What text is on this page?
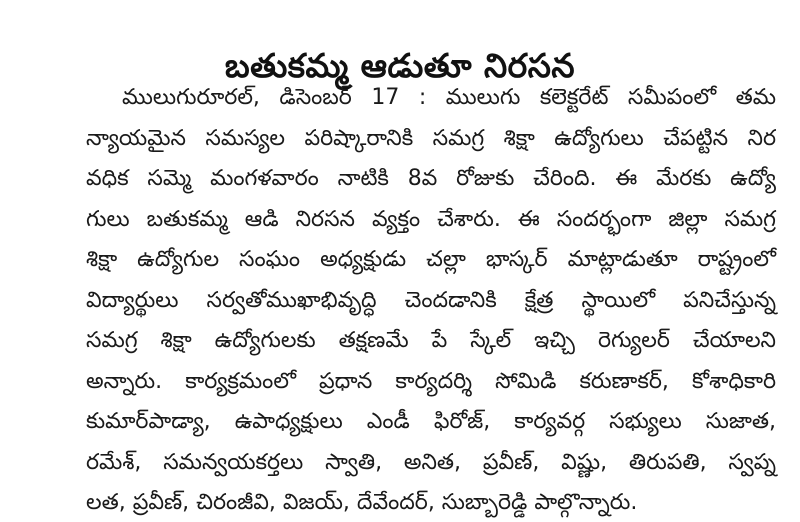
బతుకమ్మ ఆడుతూ నిరసన
ములుగురూరల్, డిసెంబర్ 17 : ములుగు కలెక్టరేట్ సమీపంలో తమ
న్యాయమైన సమస్యల పరిష్కారానికి సమగ్ర శిక్షా ఉద్యోగులు చేపట్టిన నిర
వధిక సమ్మె మంగళవారం నాటికి 8వ రోజుకు చేరింది. ఈ మేరకు ఉద్యో
గులు బతుకమ్మ ఆడి నిరసన వ్యక్తం చేశారు. ఈ సందర్భంగా జిల్లా సమగ్ర
శిక్షా ఉద్యోగుల సంఘం అధ్యక్షుడు చల్లా భాస్కర్ మాట్లాడుతూ రాష్ట్రంలో
విద్యార్థులు సర్వతోముఖాభివృద్ధి చెందడానికి క్షేత్ర స్థాయిలో పనిచేస్తున్న
సమగ్ర శిక్షా ఉద్యోగులకు తక్షణమే పే స్కేల్ ఇచ్చి రెగ్యులర్ చేయాలని
అన్నారు. కార్యక్రమంలో ప్రధాన కార్యదర్శి సోమిడి కరుణాకర్, కోశాధికారి
కుమార్‌పాడ్యా, ఉపాధ్యక్షులు ఎండీ ఫిరోజ్, కార్యవర్గ సభ్యులు సుజాత,
రమేశ్, సమన్వయకర్తలు స్వాతి, అనిత, ప్రవీణ్, విష్ణు, తిరుపతి, స్వప్న
లత, ప్రవీణ్, చిరంజీవి, విజయ్, దేవేందర్, సుబ్బారెడ్డి పాల్గొన్నారు.
